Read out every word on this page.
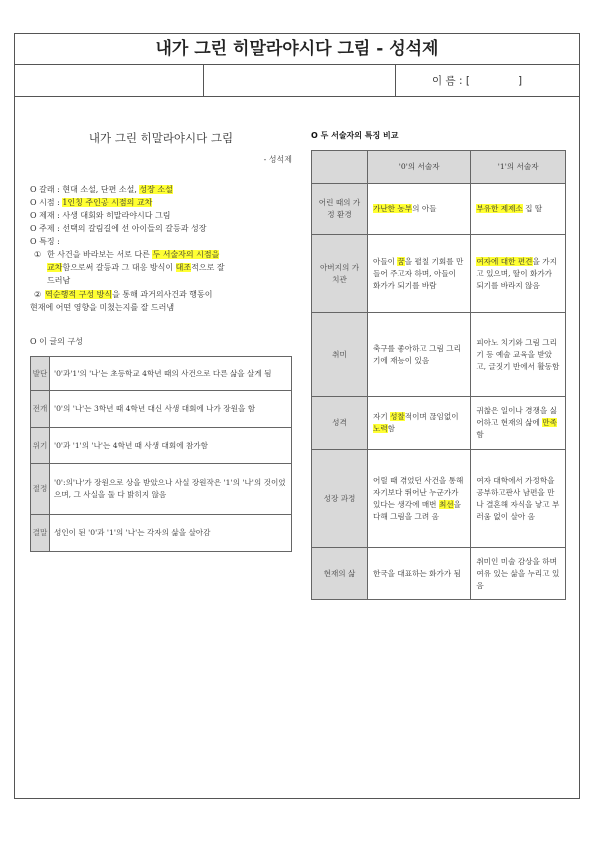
내가 그린 히말라야시다 그림 - 성석제
이 름 : [	]
내가 그린 히말라야시다 그림
- 성석제

O 갈래 : 현대 소설, 단편 소설, 성장 소설

O 시점 : 1인칭 주인공 시점의 교차

O 제재 : 사생 대회와 히말라야시다 그림

O 주제 : 선택의 갈림길에 선 아이들의 갈등과 성장

O 특징 :

① 한 사건을 바라보는 서로 다른 두 서술자의 시점을
교차함으로써 갈등과 그 대응 방식이 대조적으로 잘
드러남
② 역순행적 구성 방식을 통해 과거의사건과 행동이
현재에 어떤 영향을 미쳤는지를 잘 드러냄

O 이 글의 구성

발단	'0'과'1'의 '나'는 초등학교 4학년 때의 사건으로 다른 삶을 살게 됨
전개	'0'의 '나'는 3학년 때 4학년 대신 사생 대회에 나가 장원을 함
위기	'0'과 '1'의 '나'는 4학년 때 사생 대회에 참가함
절정	'0':의'나'가 장원으로 상을 받았으나 사실 장원작은 '1'의 '나'의 것이었으며, 그 사실을 둘 다 밝히지 않음
결말	성인이 된 '0'과 '1'의 '나'는 각자의 삶을 살아감

O 두 서술자의 특징 비교

	'0'의 서술자	'1'의 서술자
어린 때의 가정 환경	가난한 농부의 아들	부유한 제제소 집 딸
아버지의 가치관	아들이 꿈을 펼칠 기회를 만들어 주고자 하며, 아들이 화가가 되기를 바람	여자에 대한 편견을 가지고 있으며, 딸이 화가가 되기를 바라지 않음
취미	축구를 좋아하고 그림 그리기에 재능이 있음	피아노 치기와 그림 그리기 등 예술 교육을 받았고, 글짓기 반에서 활동함
성격	자기 성찰적이며 끊임없이 노력함	귀찮은 일이나 경쟁을 싫어하고 현재의 삶에 만족함
성장 과정	어릴 때 겪었던 사건을 통해 자기보다 뛰어난 누군가가 있다는 생각에 매번 최선을 다해 그림을 그려 옴	여자 대학에서 가정학을 공부하고판사 남편을 만나 결혼해 자식을 낳고 부러움 없이 살아 옴
현재의 삶	한국을 대표하는 화가가 됨	취미인 미술 감상을 하며 여유 있는 삶을 누리고 있음
